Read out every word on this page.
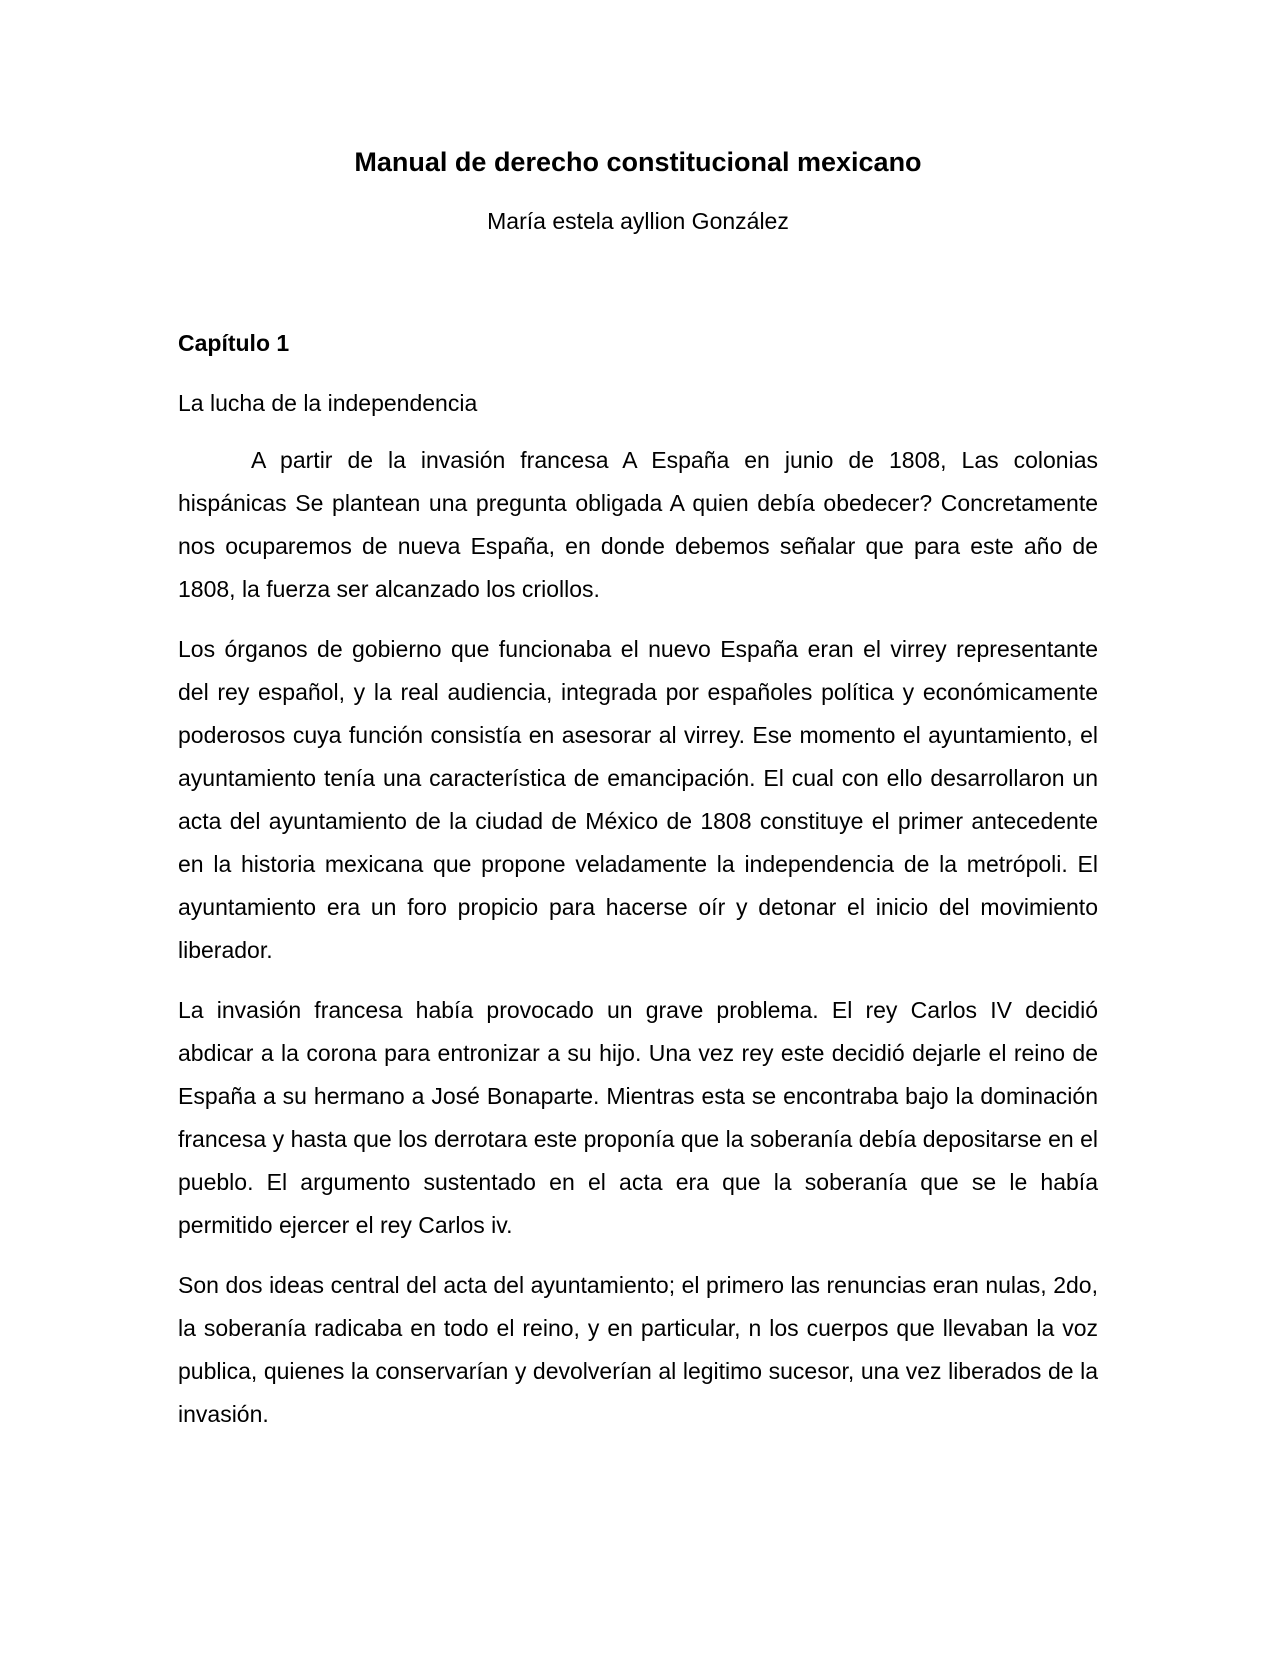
Manual de derecho constitucional mexicano

María estela ayllion González

Capítulo 1

La lucha de la independencia

A partir de la invasión francesa A España en junio de 1808, Las colonias hispánicas Se plantean una pregunta obligada A quien debía obedecer? Concretamente nos ocuparemos de nueva España, en donde debemos señalar que para este año de 1808, la fuerza ser alcanzado los criollos.

Los órganos de gobierno que funcionaba el nuevo España eran el virrey representante del rey español, y la real audiencia, integrada por españoles política y económicamente poderosos cuya función consistía en asesorar al virrey. Ese momento el ayuntamiento, el ayuntamiento tenía una característica de emancipación. El cual con ello desarrollaron un acta del ayuntamiento de la ciudad de México de 1808 constituye el primer antecedente en la historia mexicana que propone veladamente la independencia de la metrópoli. El ayuntamiento era un foro propicio para hacerse oír y detonar el inicio del movimiento liberador.

La invasión francesa había provocado un grave problema. El rey Carlos IV decidió abdicar a la corona para entronizar a su hijo. Una vez rey este decidió dejarle el reino de España a su hermano a José Bonaparte. Mientras esta se encontraba bajo la dominación francesa y hasta que los derrotara este proponía que la soberanía debía depositarse en el pueblo. El argumento sustentado en el acta era que la soberanía que se le había permitido ejercer el rey Carlos iv.

Son dos ideas central del acta del ayuntamiento; el primero las renuncias eran nulas, 2do, la soberanía radicaba en todo el reino, y en particular, n los cuerpos que llevaban la voz publica, quienes la conservarían y devolverían al legitimo sucesor, una vez liberados de la invasión.
